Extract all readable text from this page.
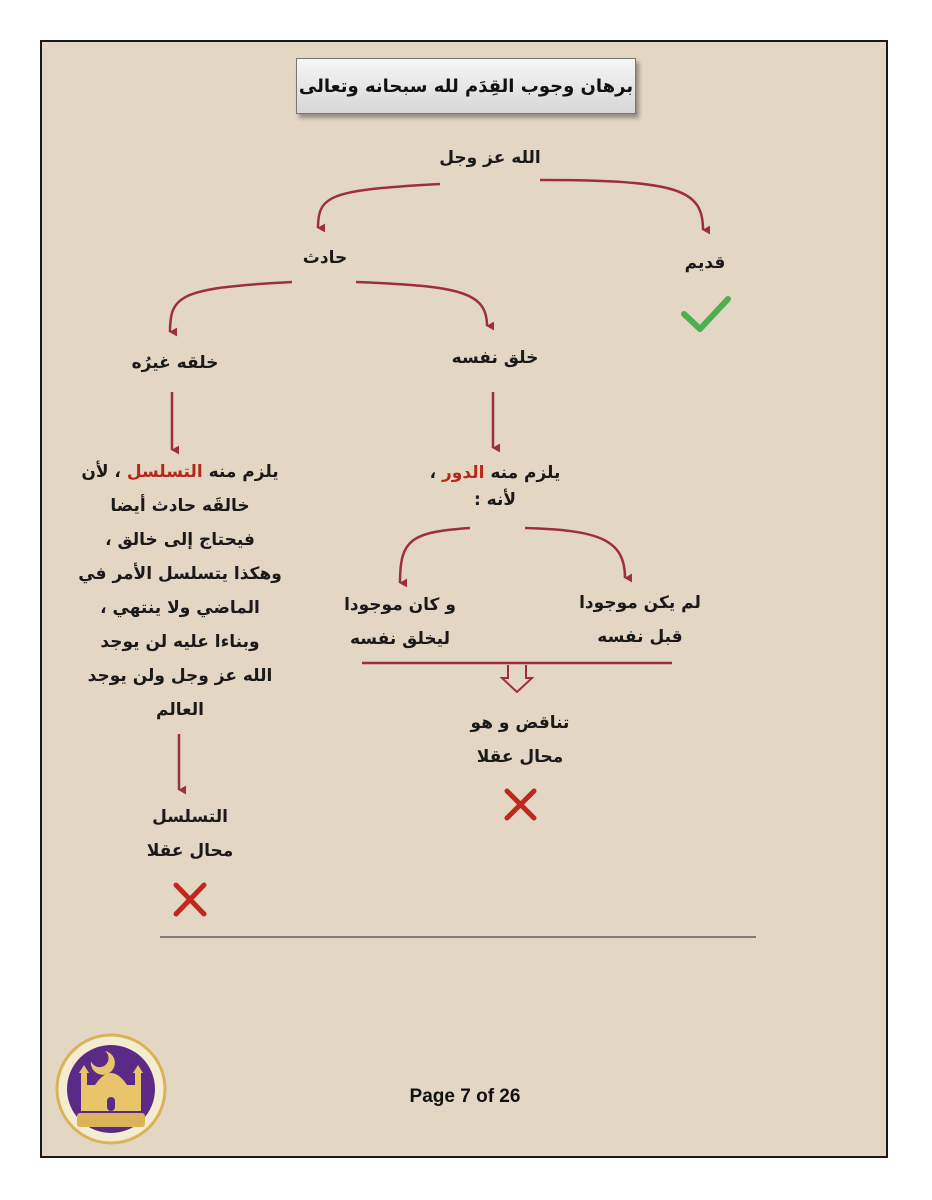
برهان وجوب القِدَم لله سبحانه وتعالى
الله عز وجل
حادث	قديم
خلقه غيرُه	خلق نفسه
يلزم منه التسلسل ، لأن
خالقَه حادث أيضا
فيحتاج إلى خالق ،
وهكذا يتسلسل الأمر في
الماضي ولا ينتهي ،
وبناءا عليه لن يوجد
الله عز وجل ولن يوجد
العالم
يلزم منه الدور ،
لأنه :
و كان موجودا
ليخلق نفسه
لم يكن موجودا
قبل نفسه
تناقض و هو
محال عقلا
التسلسل
محال عقلا
Page 7 of 26
